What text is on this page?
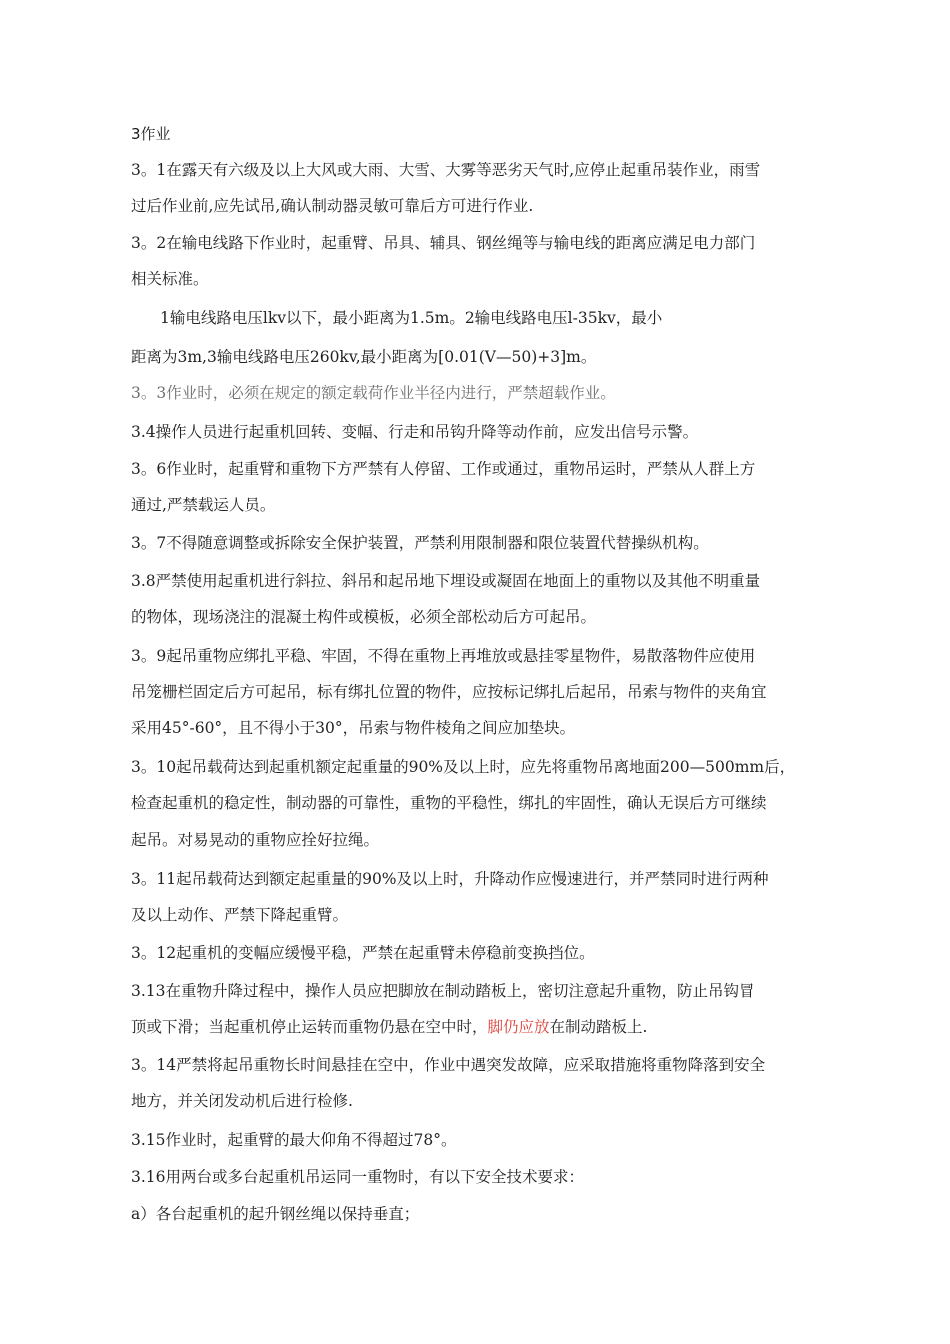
3作业
3。1在露天有六级及以上大风或大雨、大雪、大雾等恶劣天气时,应停止起重吊装作业，雨雪
过后作业前,应先试吊,确认制动器灵敏可靠后方可进行作业.
3。2在输电线路下作业时，起重臂、吊具、辅具、钢丝绳等与输电线的距离应满足电力部门
相关标准。
1输电线路电压lkv以下，最小距离为1.5m。2输电线路电压l-35kv，最小
距离为3m,3输电线路电压260kv,最小距离为[0.01(V—50)+3]m。
3。3作业时，必须在规定的额定载荷作业半径内进行，严禁超载作业。
3.4操作人员进行起重机回转、变幅、行走和吊钩升降等动作前，应发出信号示警。
3。6作业时，起重臂和重物下方严禁有人停留、工作或通过，重物吊运时，严禁从人群上方
通过,严禁载运人员。
3。7不得随意调整或拆除安全保护装置，严禁利用限制器和限位装置代替操纵机构。
3.8严禁使用起重机进行斜拉、斜吊和起吊地下埋设或凝固在地面上的重物以及其他不明重量
的物体，现场浇注的混凝土构件或模板，必须全部松动后方可起吊。
3。9起吊重物应绑扎平稳、牢固，不得在重物上再堆放或悬挂零星物件，易散落物件应使用
吊笼栅栏固定后方可起吊，标有绑扎位置的物件，应按标记绑扎后起吊，吊索与物件的夹角宜
采用45°-60°，且不得小于30°，吊索与物件棱角之间应加垫块。
3。10起吊载荷达到起重机额定起重量的90%及以上时，应先将重物吊离地面200—500mm后，
检查起重机的稳定性，制动器的可靠性，重物的平稳性，绑扎的牢固性，确认无误后方可继续
起吊。对易晃动的重物应拴好拉绳。
3。11起吊载荷达到额定起重量的90%及以上时，升降动作应慢速进行，并严禁同时进行两种
及以上动作、严禁下降起重臂。
3。12起重机的变幅应缓慢平稳，严禁在起重臂未停稳前变换挡位。
3.13在重物升降过程中，操作人员应把脚放在制动踏板上，密切注意起升重物，防止吊钩冒
顶或下滑；当起重机停止运转而重物仍悬在空中时，脚仍应放在制动踏板上.
3。14严禁将起吊重物长时间悬挂在空中，作业中遇突发故障，应采取措施将重物降落到安全
地方，并关闭发动机后进行检修.
3.15作业时，起重臂的最大仰角不得超过78°。
3.16用两台或多台起重机吊运同一重物时，有以下安全技术要求：
a）各台起重机的起升钢丝绳以保持垂直；
